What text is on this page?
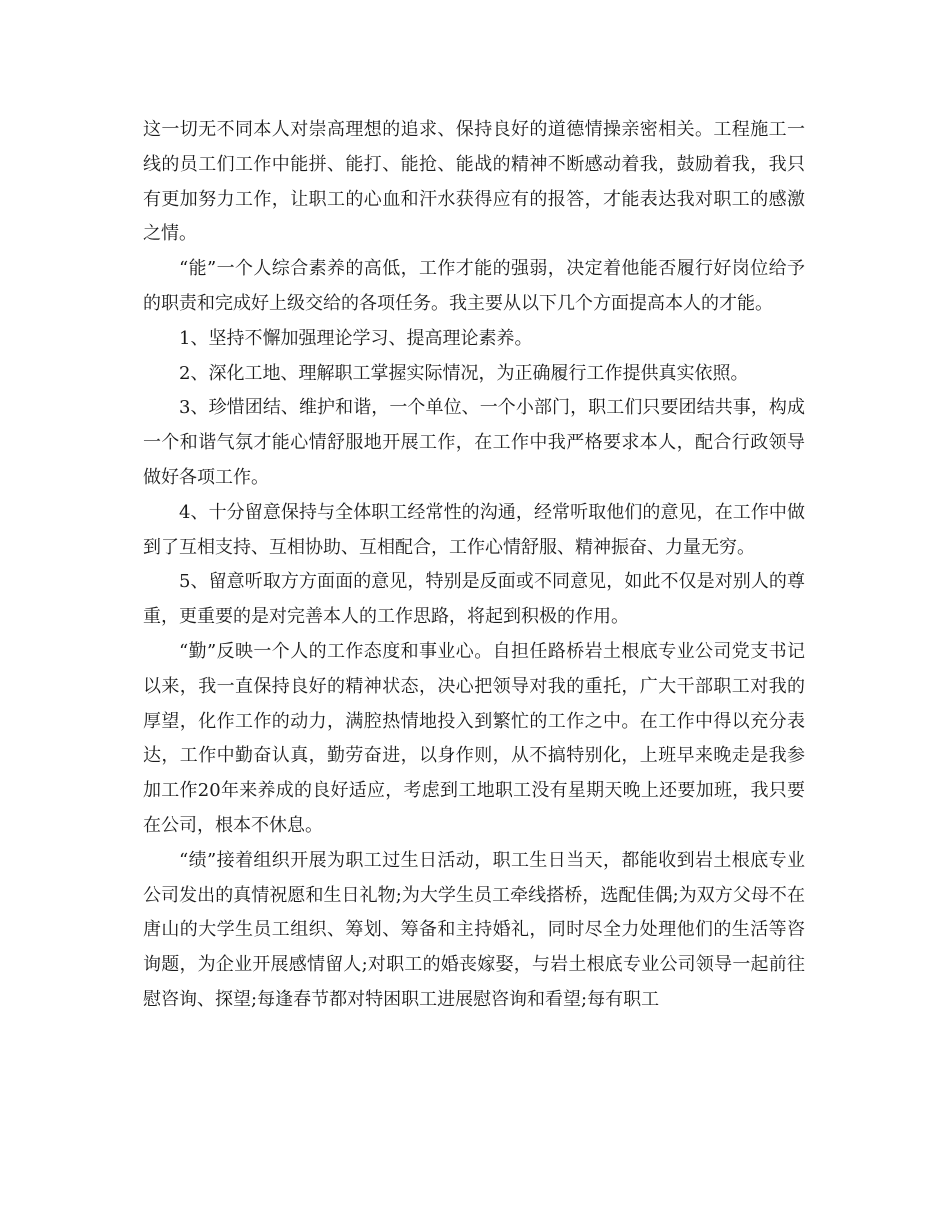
这一切无不同本人对崇高理想的追求、保持良好的道德情操亲密相关。工程施工一线的员工们工作中能拼、能打、能抢、能战的精神不断感动着我，鼓励着我，我只有更加努力工作，让职工的心血和汗水获得应有的报答，才能表达我对职工的感激之情。

“能”一个人综合素养的高低，工作才能的强弱，决定着他能否履行好岗位给予的职责和完成好上级交给的各项任务。我主要从以下几个方面提高本人的才能。

1、坚持不懈加强理论学习、提高理论素养。

2、深化工地、理解职工掌握实际情况，为正确履行工作提供真实依照。

3、珍惜团结、维护和谐，一个单位、一个小部门，职工们只要团结共事，构成一个和谐气氛才能心情舒服地开展工作，在工作中我严格要求本人，配合行政领导做好各项工作。

4、十分留意保持与全体职工经常性的沟通，经常听取他们的意见，在工作中做到了互相支持、互相协助、互相配合，工作心情舒服、精神振奋、力量无穷。

5、留意听取方方面面的意见，特别是反面或不同意见，如此不仅是对别人的尊重，更重要的是对完善本人的工作思路，将起到积极的作用。

“勤”反映一个人的工作态度和事业心。自担任路桥岩土根底专业公司党支书记以来，我一直保持良好的精神状态，决心把领导对我的重托，广大干部职工对我的厚望，化作工作的动力，满腔热情地投入到繁忙的工作之中。在工作中得以充分表达，工作中勤奋认真，勤劳奋进，以身作则，从不搞特别化，上班早来晚走是我参加工作20年来养成的良好适应，考虑到工地职工没有星期天晚上还要加班，我只要在公司，根本不休息。

“绩”接着组织开展为职工过生日活动，职工生日当天，都能收到岩土根底专业公司发出的真情祝愿和生日礼物;为大学生员工牵线搭桥，选配佳偶;为双方父母不在唐山的大学生员工组织、筹划、筹备和主持婚礼，同时尽全力处理他们的生活等咨询题，为企业开展感情留人;对职工的婚丧嫁娶，与岩土根底专业公司领导一起前往慰咨询、探望;每逢春节都对特困职工进展慰咨询和看望;每有职工
